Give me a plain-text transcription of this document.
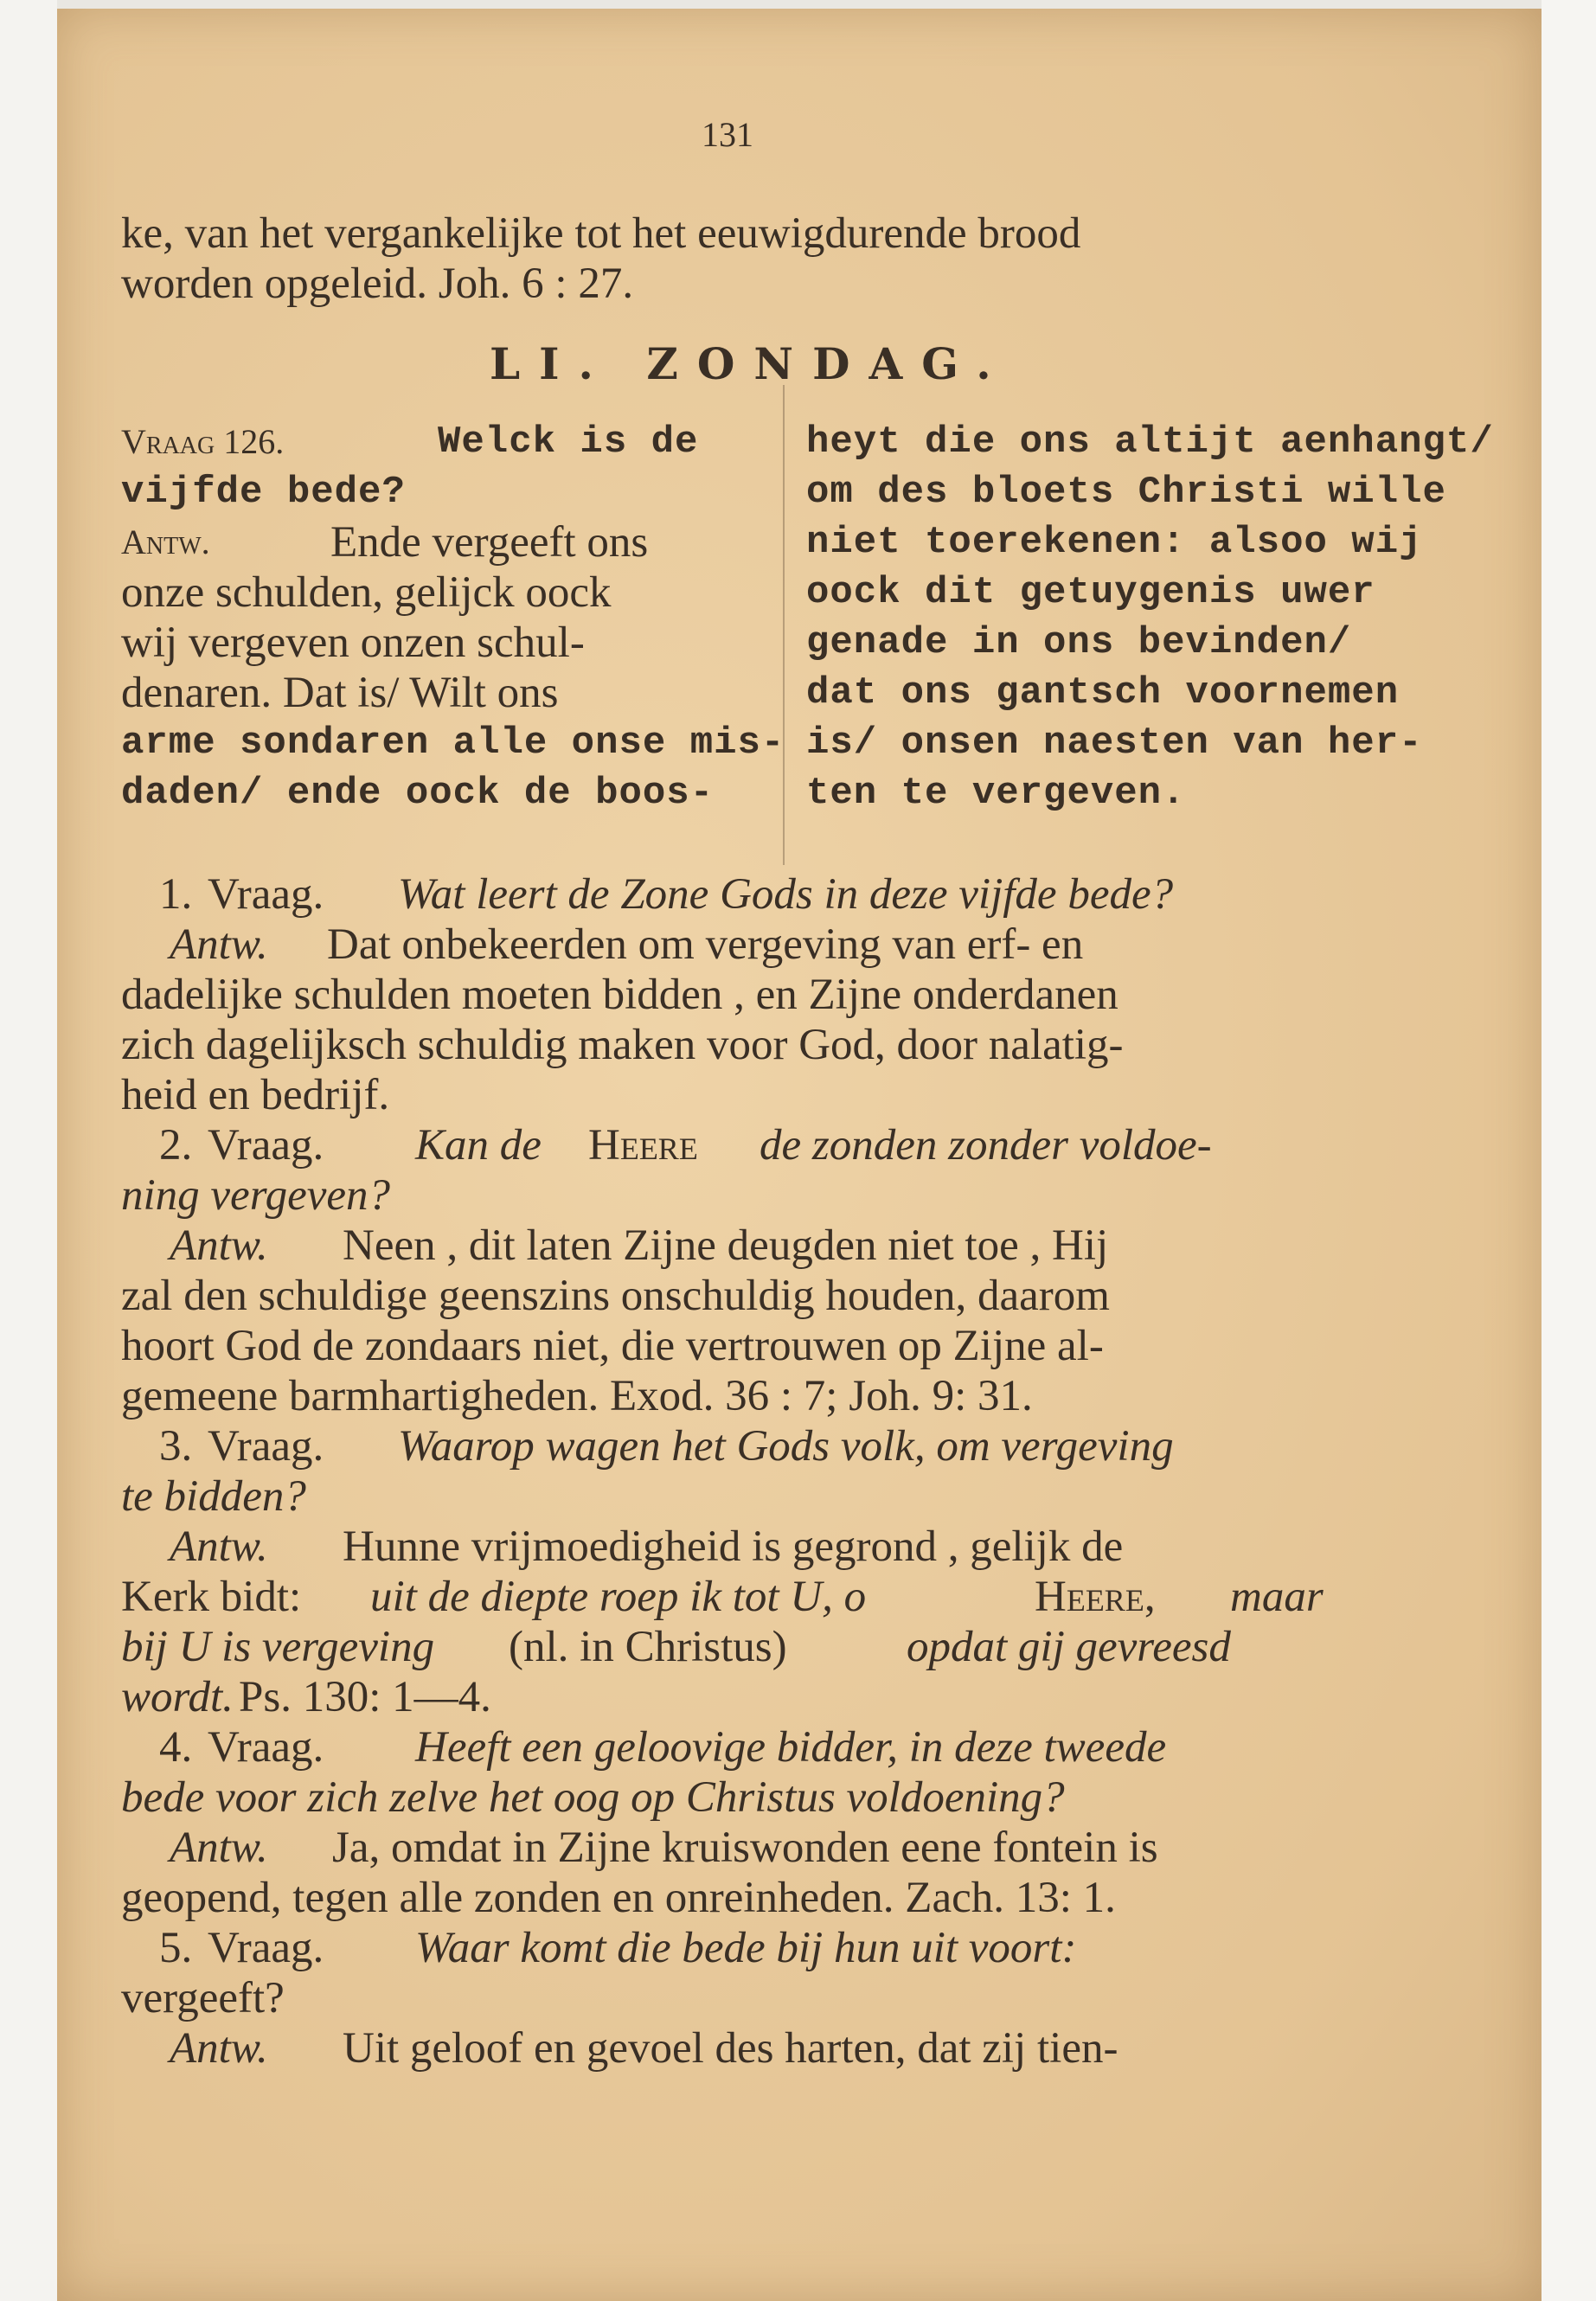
131
ke, van het vergankelijke tot het eeuwigdurende brood
worden opgeleid. Joh. 6 : 27.
LI. ZONDAG.
Vraag 126.	Welck is de
vijfde bede?
Antw.	Ende vergeeft ons
onze schulden, gelijck oock
wij vergeven onzen schul-
denaren. Dat is/ Wilt ons
arme sondaren alle onse mis-
daden/ ende oock de boos-
heyt die ons altijt aenhangt/
om des bloets Christi wille
niet toerekenen: alsoo wij
oock dit getuygenis uwer
genade in ons bevinden/
dat ons gantsch voornemen
is/ onsen naesten van her-
ten te vergeven.
1. Vraag. Wat leert de Zone Gods in deze vijfde bede?
Antw. Dat onbekeerden om vergeving van erf- en
dadelijke schulden moeten bidden , en Zijne onderdanen
zich dagelijksch schuldig maken voor God, door nalatig-
heid en bedrijf.
2. Vraag. Kan de Heere de zonden zonder voldoe-
ning vergeven?
Antw. Neen , dit laten Zijne deugden niet toe , Hij
zal den schuldige geenszins onschuldig houden, daarom
hoort God de zondaars niet, die vertrouwen op Zijne al-
gemeene barmhartigheden. Exod. 36 : 7; Joh. 9: 31.
3. Vraag. Waarop wagen het Gods volk, om vergeving
te bidden?
Antw. Hunne vrijmoedigheid is gegrond , gelijk de
Kerk bidt: uit de diepte roep ik tot U, o	Heere, maar
bij U is vergeving (nl. in Christus)	opdat gij gevreesd
wordt. Ps. 130: 1—4.
4. Vraag. Heeft een geloovige bidder, in deze tweede
bede voor zich zelve het oog op Christus voldoening?
Antw. Ja, omdat in Zijne kruiswonden eene fontein is
geopend, tegen alle zonden en onreinheden. Zach. 13: 1.
5. Vraag. Waar komt die bede bij hun uit voort:
vergeeft?
Antw. Uit geloof en gevoel des harten, dat zij tien-
